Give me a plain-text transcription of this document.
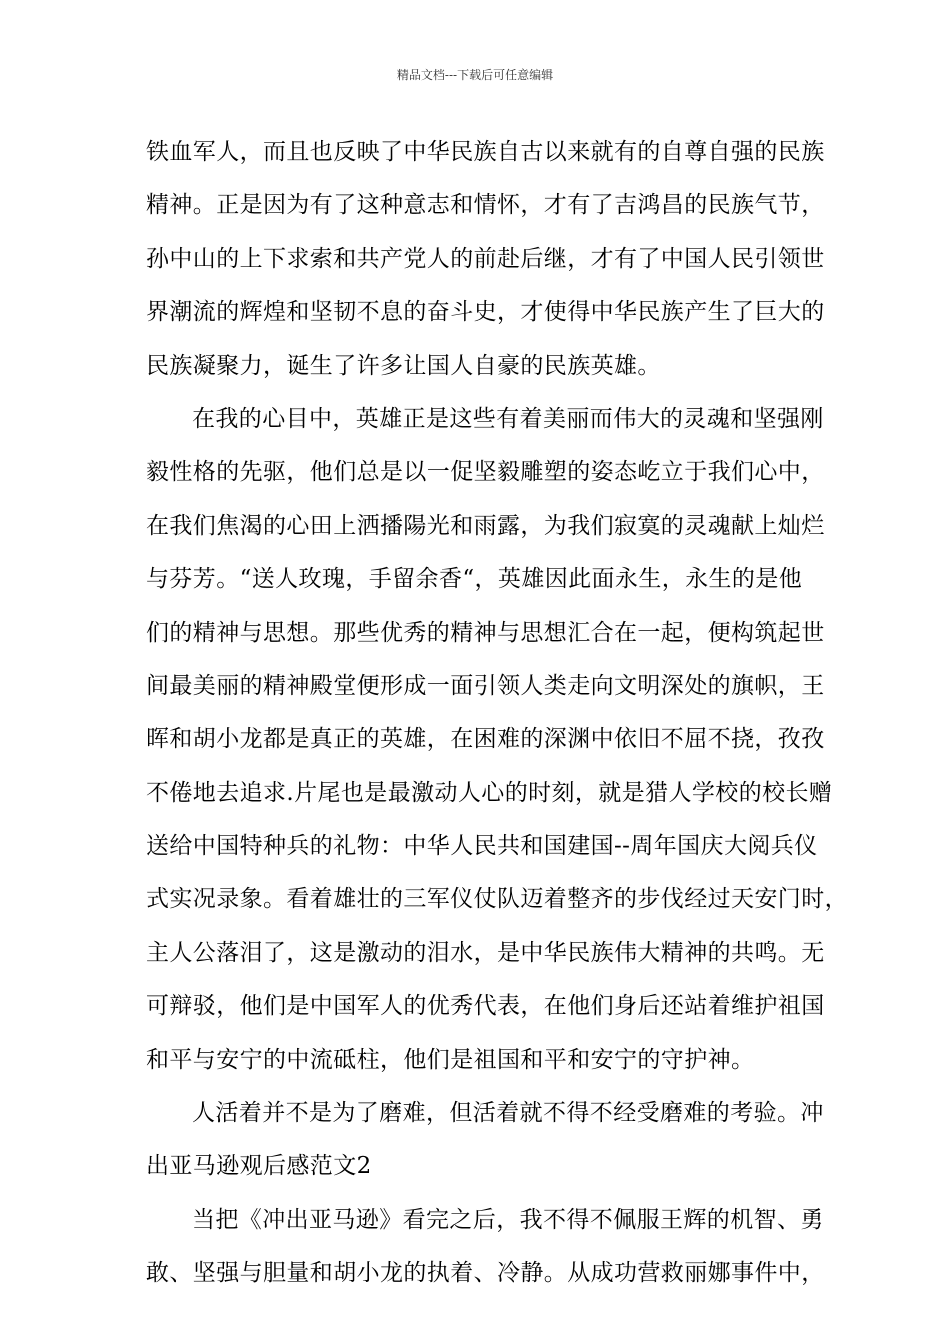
精品文档---下载后可任意编辑
铁血军人，而且也反映了中华民族自古以来就有的自尊自强的民族
精神。正是因为有了这种意志和情怀，才有了吉鸿昌的民族气节，
孙中山的上下求索和共产党人的前赴后继，才有了中国人民引领世
界潮流的辉煌和坚韧不息的奋斗史，才使得中华民族产生了巨大的
民族凝聚力，诞生了许多让国人自豪的民族英雄。
在我的心目中，英雄正是这些有着美丽而伟大的灵魂和坚强刚
毅性格的先驱，他们总是以一促坚毅雕塑的姿态屹立于我们心中，
在我们焦渴的心田上洒播陽光和雨露，为我们寂寞的灵魂献上灿烂
与芬芳。“送人玫瑰，手留余香“，英雄因此面永生，永生的是他
们的精神与思想。那些优秀的精神与思想汇合在一起，便构筑起世
间最美丽的精神殿堂便形成一面引领人类走向文明深处的旗帜，王
晖和胡小龙都是真正的英雄，在困难的深渊中依旧不屈不挠，孜孜
不倦地去追求.片尾也是最激动人心的时刻，就是猎人学校的校长赠
送给中国特种兵的礼物：中华人民共和国建国--周年国庆大阅兵仪
式实况录象。看着雄壮的三军仪仗队迈着整齐的步伐经过天安门时，
主人公落泪了，这是激动的泪水，是中华民族伟大精神的共鸣。无
可辩驳，他们是中国军人的优秀代表，在他们身后还站着维护祖国
和平与安宁的中流砥柱，他们是祖国和平和安宁的守护神。
人活着并不是为了磨难，但活着就不得不经受磨难的考验。冲
出亚马逊观后感范文2
当把《冲出亚马逊》看完之后，我不得不佩服王辉的机智、勇
敢、坚强与胆量和胡小龙的执着、冷静。从成功营救丽娜事件中，
